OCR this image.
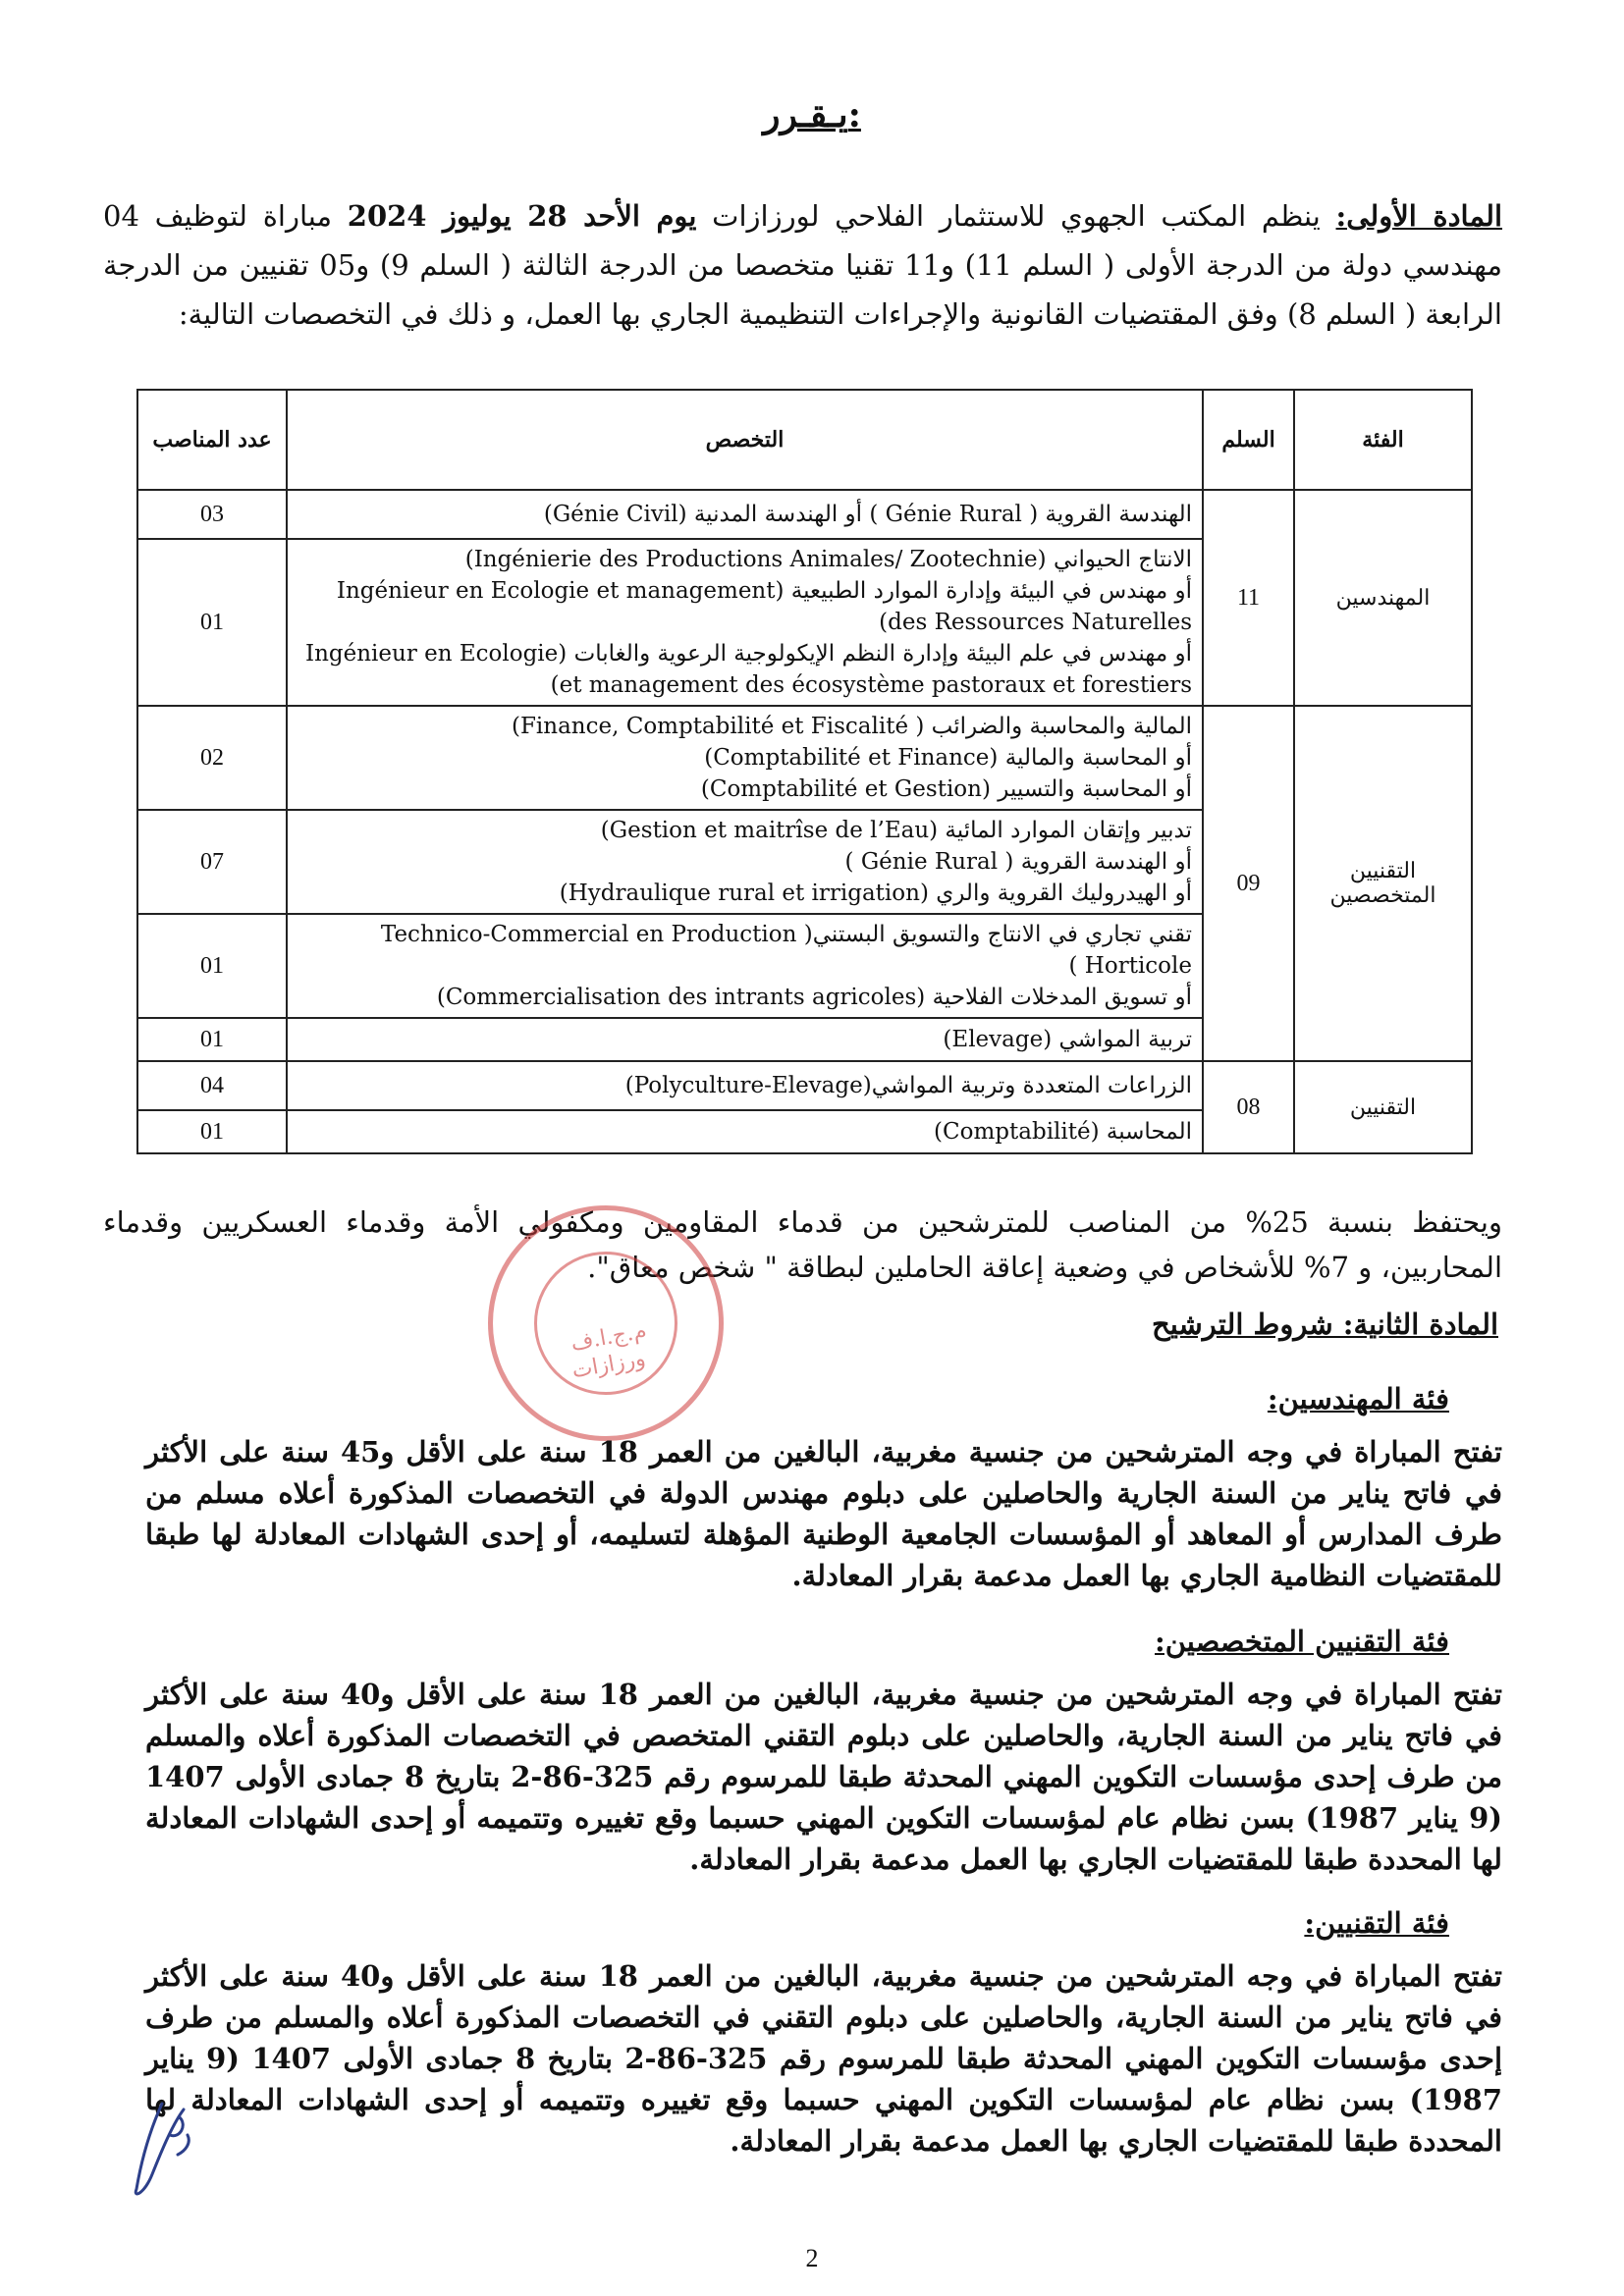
يـقـرر:
المادة الأولى: ينظم المكتب الجهوي للاستثمار الفلاحي لورزازات يوم الأحد 28 يوليوز 2024 مباراة لتوظيف 04 مهندسي دولة من الدرجة الأولى ( السلم 11) و11 تقنيا متخصصا من الدرجة الثالثة ( السلم 9) و05 تقنيين من الدرجة الرابعة ( السلم 8) وفق المقتضيات القانونية والإجراءات التنظيمية الجاري بها العمل، و ذلك في التخصصات التالية:
الفئة	السلم	التخصص	عدد المناصب
المهندسين	11	الهندسة القروية ( Génie Rural ) أو الهندسة المدنية (Génie Civil)	03

		الانتاج الحيواني (Ingénierie des Productions Animales/ Zootechnie)
أو مهندس في البيئة وإدارة الموارد الطبيعية (Ingénieur en Ecologie et management des Ressources Naturelles)
أو مهندس في علم البيئة وإدارة النظم الإيكولوجية الرعوية والغابات (Ingénieur en Ecologie et management des écosystème pastoraux et forestiers)	01
التقنيين المتخصصين	09	المالية والمحاسبة والضرائب ( Finance, Comptabilité et Fiscalité)
أو المحاسبة والمالية (Comptabilité et Finance)
أو المحاسبة والتسيير (Comptabilité et Gestion)	02

		تدبير وإتقان الموارد المائية (Gestion et maitrîse de l’Eau)
أو الهندسة القروية ( Génie Rural )
أو الهيدروليك القروية والري (Hydraulique rural et irrigation)	07

		تقني تجاري في الانتاج والتسويق البستني( Technico-Commercial en Production Horticole )
أو تسويق المدخلات الفلاحية (Commercialisation des intrants agricoles)	01

		تربية المواشي (Elevage)	01
التقنيين	08	الزراعات المتعددة وتربية المواشي(Polyculture-Elevage)	04

		المحاسبة (Comptabilité)	01
ويحتفظ بنسبة 25% من المناصب للمترشحين من قدماء المقاومين ومكفولي الأمة وقدماء العسكريين وقدماء المحاربين، و 7% للأشخاص في وضعية إعاقة الحاملين لبطاقة " شخص معاق".
م.ج.ا.ف
ورزازات
المادة الثانية: شروط الترشيح
فئة المهندسين:
تفتح المباراة في وجه المترشحين من جنسية مغربية، البالغين من العمر 18 سنة على الأقل و45 سنة على الأكثر في فاتح يناير من السنة الجارية والحاصلين على دبلوم مهندس الدولة في التخصصات المذكورة أعلاه مسلم من طرف المدارس أو المعاهد أو المؤسسات الجامعية الوطنية المؤهلة لتسليمه، أو إحدى الشهادات المعادلة لها طبقا للمقتضيات النظامية الجاري بها العمل مدعمة بقرار المعادلة.
فئة التقنيين المتخصصين:
تفتح المباراة في وجه المترشحين من جنسية مغربية، البالغين من العمر 18 سنة على الأقل و40 سنة على الأكثر في فاتح يناير من السنة الجارية، والحاصلين على دبلوم التقني المتخصص في التخصصات المذكورة أعلاه والمسلم من طرف إحدى مؤسسات التكوين المهني المحدثة طبقا للمرسوم رقم 325-86-2 بتاريخ 8 جمادى الأولى 1407 (9 يناير 1987) بسن نظام عام لمؤسسات التكوين المهني حسبما وقع تغييره وتتميمه أو إحدى الشهادات المعادلة لها المحددة طبقا للمقتضيات الجاري بها العمل مدعمة بقرار المعادلة.
فئة التقنيين:
تفتح المباراة في وجه المترشحين من جنسية مغربية، البالغين من العمر 18 سنة على الأقل و40 سنة على الأكثر في فاتح يناير من السنة الجارية، والحاصلين على دبلوم التقني في التخصصات المذكورة أعلاه والمسلم من طرف إحدى مؤسسات التكوين المهني المحدثة طبقا للمرسوم رقم 325-86-2 بتاريخ 8 جمادى الأولى 1407 (9 يناير 1987) بسن نظام عام لمؤسسات التكوين المهني حسبما وقع تغييره وتتميمه أو إحدى الشهادات المعادلة لها المحددة طبقا للمقتضيات الجاري بها العمل مدعمة بقرار المعادلة.
2
